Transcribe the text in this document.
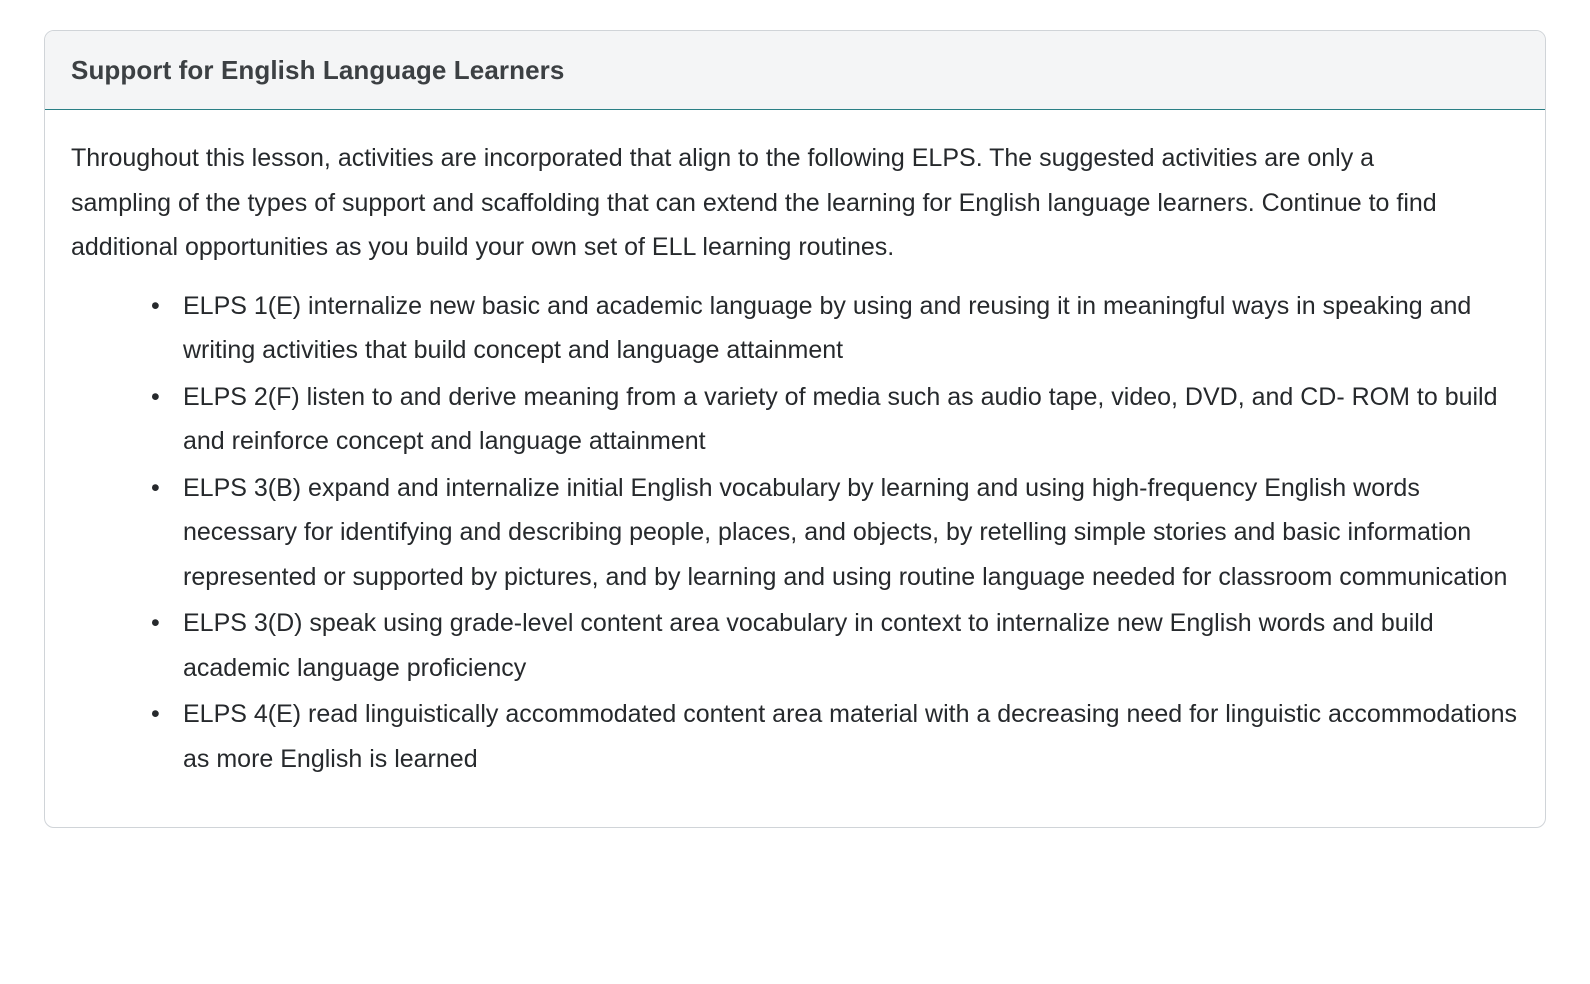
Support for English Language Learners

Throughout this lesson, activities are incorporated that align to the following ELPS. The suggested activities are only a sampling of the types of support and scaffolding that can extend the learning for English language learners. Continue to find additional opportunities as you build your own set of ELL learning routines.

• ELPS 1(E) internalize new basic and academic language by using and reusing it in meaningful ways in speaking and writing activities that build concept and language attainment
• ELPS 2(F) listen to and derive meaning from a variety of media such as audio tape, video, DVD, and CD- ROM to build and reinforce concept and language attainment
• ELPS 3(B) expand and internalize initial English vocabulary by learning and using high-frequency English words necessary for identifying and describing people, places, and objects, by retelling simple stories and basic information represented or supported by pictures, and by learning and using routine language needed for classroom communication
• ELPS 3(D) speak using grade-level content area vocabulary in context to internalize new English words and build academic language proficiency
• ELPS 4(E) read linguistically accommodated content area material with a decreasing need for linguistic accommodations as more English is learned
